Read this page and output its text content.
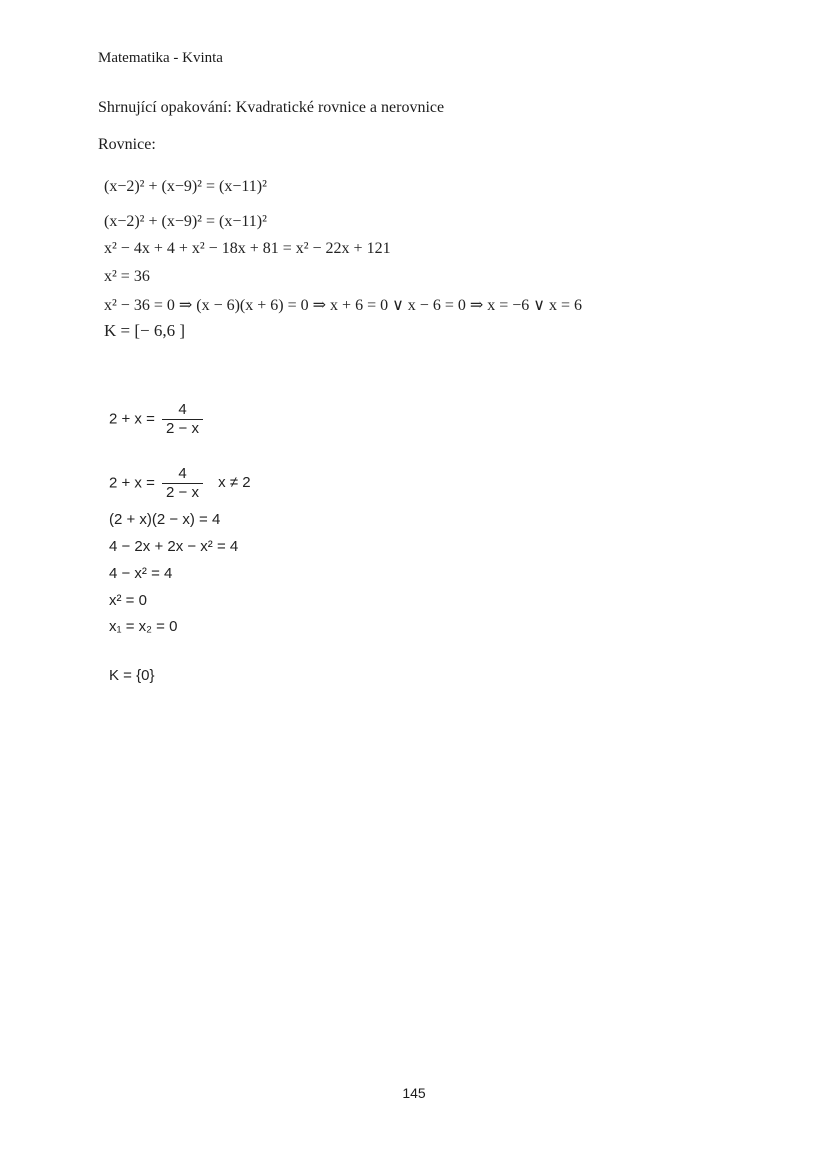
Matematika - Kvinta
Shrnující opakování: Kvadratické rovnice a nerovnice
Rovnice:
(x−2)² + (x−9)² = (x−11)²
(x−2)² + (x−9)² = (x−11)²
x² − 4x + 4 + x² − 18x + 81 = x² − 22x + 121
x² = 36
x² − 36 = 0 ⇒ (x − 6)(x + 6) = 0 ⇒ x + 6 = 0 ∨ x − 6 = 0 ⇒ x = −6 ∨ x = 6
K = [− 6,6 ]
$2 + x = \frac{4}{2 - x}$
$2 + x = \frac{4}{2 - x}$ x ≠ 2
(2 + x)(2 − x) = 4
4 − 2x + 2x − x² = 4
4 − x² = 4
x² = 0
x₁ = x₂ = 0
K = {0}
145
